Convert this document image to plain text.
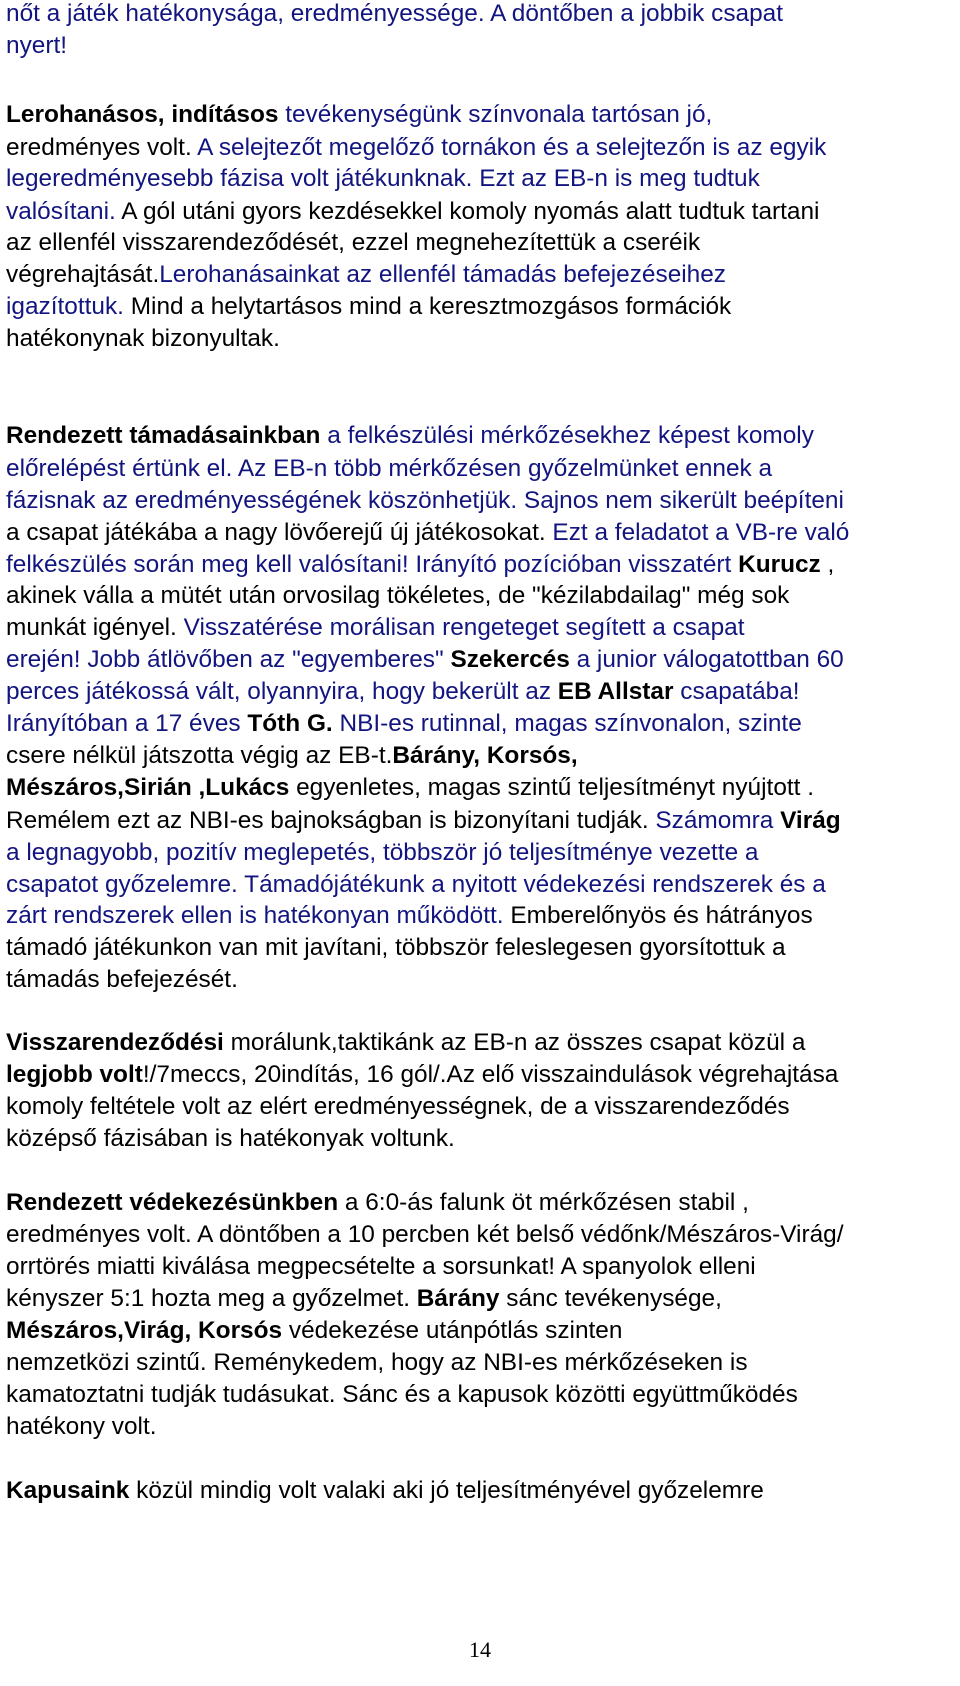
nőt a játék hatékonysága, eredményessége. A döntőben a jobbik csapat
nyert!
Lerohanásos, indításos tevékenységünk színvonala tartósan jó,
eredményes volt. A selejtezőt megelőző tornákon és a selejtezőn is az egyik
legeredményesebb fázisa volt játékunknak. Ezt az EB-n is meg tudtuk
valósítani. A gól utáni gyors kezdésekkel komoly nyomás alatt tudtuk tartani
az ellenfél visszarendeződését, ezzel megnehezítettük a cseréik
végrehajtását.Lerohanásainkat az ellenfél támadás befejezéseihez
igazítottuk. Mind a helytartásos mind a keresztmozgásos formációk
hatékonynak bizonyultak.
Rendezett támadásainkban a felkészülési mérkőzésekhez képest komoly
előrelépést értünk el. Az EB-n több mérkőzésen győzelmünket ennek a
fázisnak az eredményességének köszönhetjük. Sajnos nem sikerült beépíteni
a csapat játékába a nagy lövőerejű új játékosokat. Ezt a feladatot a VB-re való
felkészülés során meg kell valósítani! Irányító pozícióban visszatért Kurucz ,
akinek válla a mütét után orvosilag tökéletes, de "kézilabdailag" még sok
munkát igényel. Visszatérése morálisan rengeteget segített a csapat
erején! Jobb átlövőben az "egyemberes" Szekercés a junior válogatottban 60
perces játékossá vált, olyannyira, hogy bekerült az EB Allstar csapatába!
Irányítóban a 17 éves Tóth G. NBI-es rutinnal, magas színvonalon, szinte
csere nélkül játszotta végig az EB-t.Bárány, Korsós,
Mészáros,Sirián ,Lukács egyenletes, magas szintű teljesítményt nyújtott .
Remélem ezt az NBI-es bajnokságban is bizonyítani tudják. Számomra Virág
a legnagyobb, pozitív meglepetés, többször jó teljesítménye vezette a
csapatot győzelemre. Támadójátékunk a nyitott védekezési rendszerek és a
zárt rendszerek ellen is hatékonyan működött. Emberelőnyös és hátrányos
támadó játékunkon van mit javítani, többször feleslegesen gyorsítottuk a
támadás befejezését.
Visszarendeződési morálunk,taktikánk az EB-n az összes csapat közül a
legjobb volt!/7meccs, 20indítás, 16 gól/.Az elő visszaindulások végrehajtása
komoly feltétele volt az elért eredményességnek, de a visszarendeződés
középső fázisában is hatékonyak voltunk.
Rendezett védekezésünkben a 6:0-ás falunk öt mérkőzésen stabil ,
eredményes volt. A döntőben a 10 percben két belső védőnk/Mészáros-Virág/
orrtörés miatti kiválása megpecsételte a sorsunkat! A spanyolok elleni
kényszer 5:1 hozta meg a győzelmet. Bárány sánc tevékenysége,
Mészáros,Virág, Korsós védekezése utánpótlás szinten
nemzetközi szintű. Reménykedem, hogy az NBI-es mérkőzéseken is
kamatoztatni tudják tudásukat. Sánc és a kapusok közötti együttműködés
hatékony volt.
Kapusaink közül mindig volt valaki aki jó teljesítményével győzelemre
14
